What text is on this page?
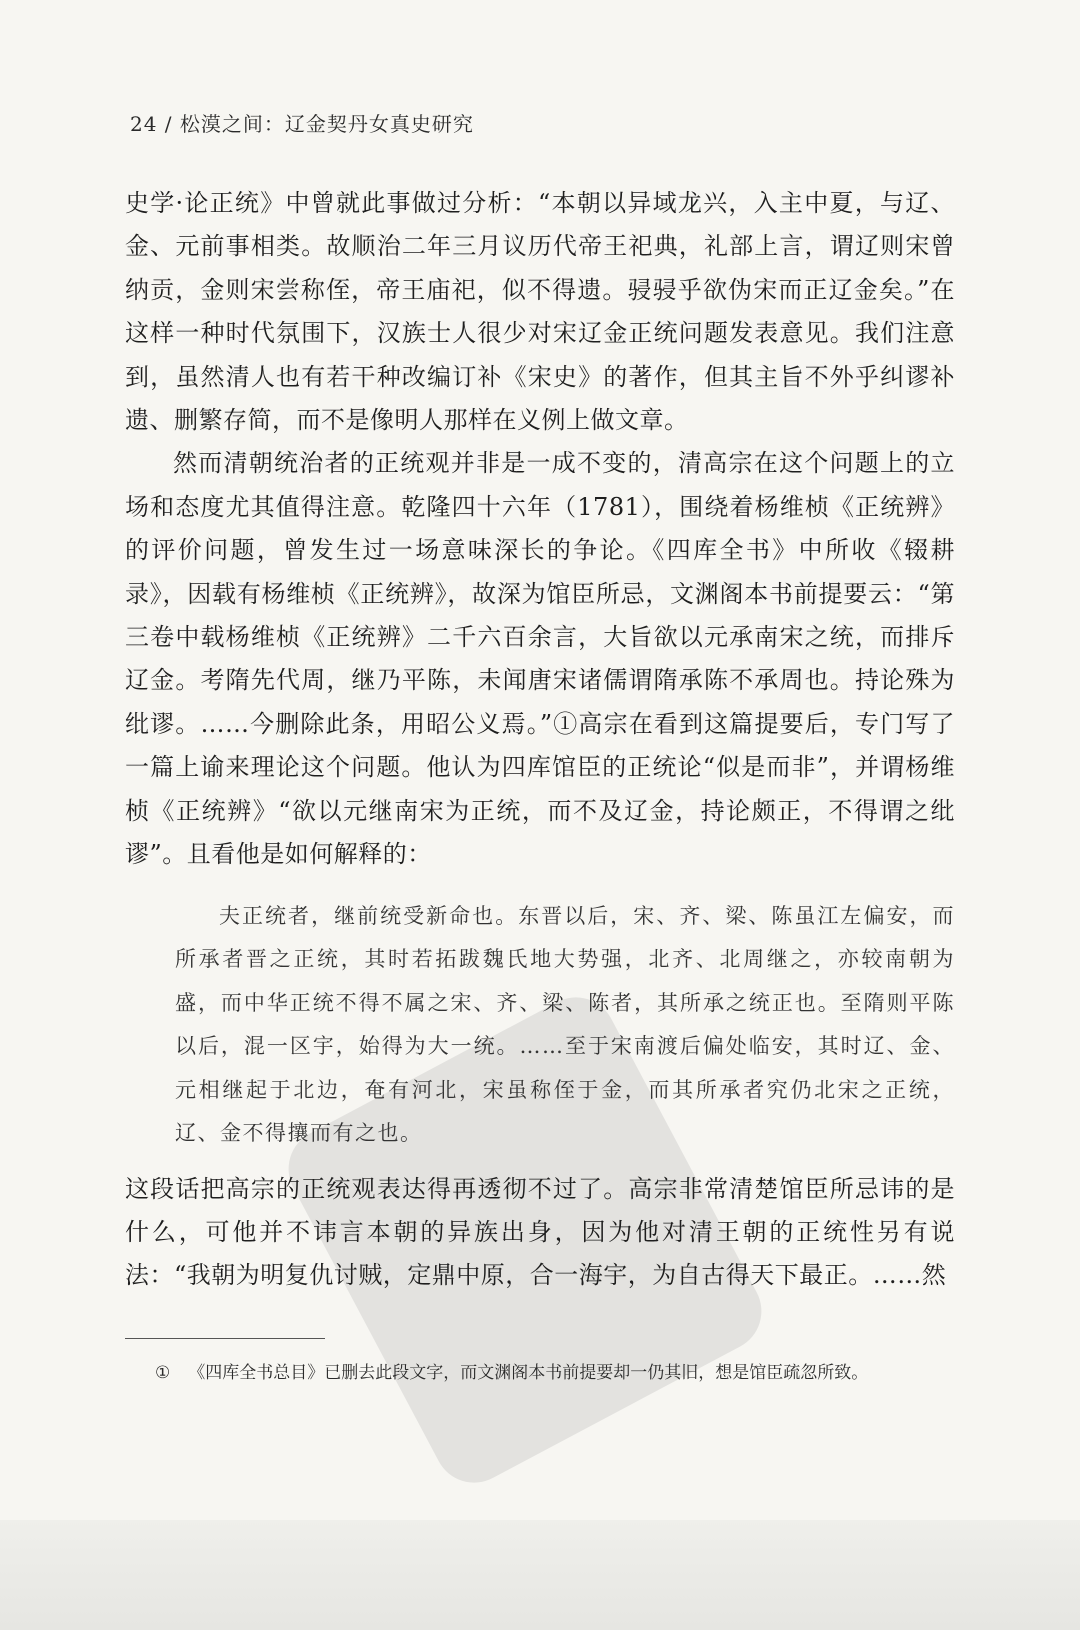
24 / 松漠之间：辽金契丹女真史研究

史学·论正统》中曾就此事做过分析：“本朝以异域龙兴，入主中夏，与辽、金、元前事相类。故顺治二年三月议历代帝王祀典，礼部上言，谓辽则宋曾纳贡，金则宋尝称侄，帝王庙祀，似不得遗。骎骎乎欲伪宋而正辽金矣。”在这样一种时代氛围下，汉族士人很少对宋辽金正统问题发表意见。我们注意到，虽然清人也有若干种改编订补《宋史》的著作，但其主旨不外乎纠谬补遗、删繁存简，而不是像明人那样在义例上做文章。

然而清朝统治者的正统观并非是一成不变的，清高宗在这个问题上的立场和态度尤其值得注意。乾隆四十六年（1781），围绕着杨维桢《正统辨》的评价问题，曾发生过一场意味深长的争论。《四库全书》中所收《辍耕录》，因载有杨维桢《正统辨》，故深为馆臣所忌，文渊阁本书前提要云：“第三卷中载杨维桢《正统辨》二千六百余言，大旨欲以元承南宋之统，而排斥辽金。考隋先代周，继乃平陈，未闻唐宋诸儒谓隋承陈不承周也。持论殊为纰谬。……今删除此条，用昭公义焉。”①高宗在看到这篇提要后，专门写了一篇上谕来理论这个问题。他认为四库馆臣的正统论“似是而非”，并谓杨维桢《正统辨》“欲以元继南宋为正统，而不及辽金，持论颇正，不得谓之纰谬”。且看他是如何解释的：

夫正统者，继前统受新命也。东晋以后，宋、齐、梁、陈虽江左偏安，而所承者晋之正统，其时若拓跋魏氏地大势强，北齐、北周继之，亦较南朝为盛，而中华正统不得不属之宋、齐、梁、陈者，其所承之统正也。至隋则平陈以后，混一区宇，始得为大一统。……至于宋南渡后偏处临安，其时辽、金、元相继起于北边，奄有河北，宋虽称侄于金，而其所承者究仍北宋之正统，辽、金不得攘而有之也。

这段话把高宗的正统观表达得再透彻不过了。高宗非常清楚馆臣所忌讳的是什么，可他并不讳言本朝的异族出身，因为他对清王朝的正统性另有说法：“我朝为明复仇讨贼，定鼎中原，合一海宇，为自古得天下最正。……然

① 《四库全书总目》已删去此段文字，而文渊阁本书前提要却一仍其旧，想是馆臣疏忽所致。
